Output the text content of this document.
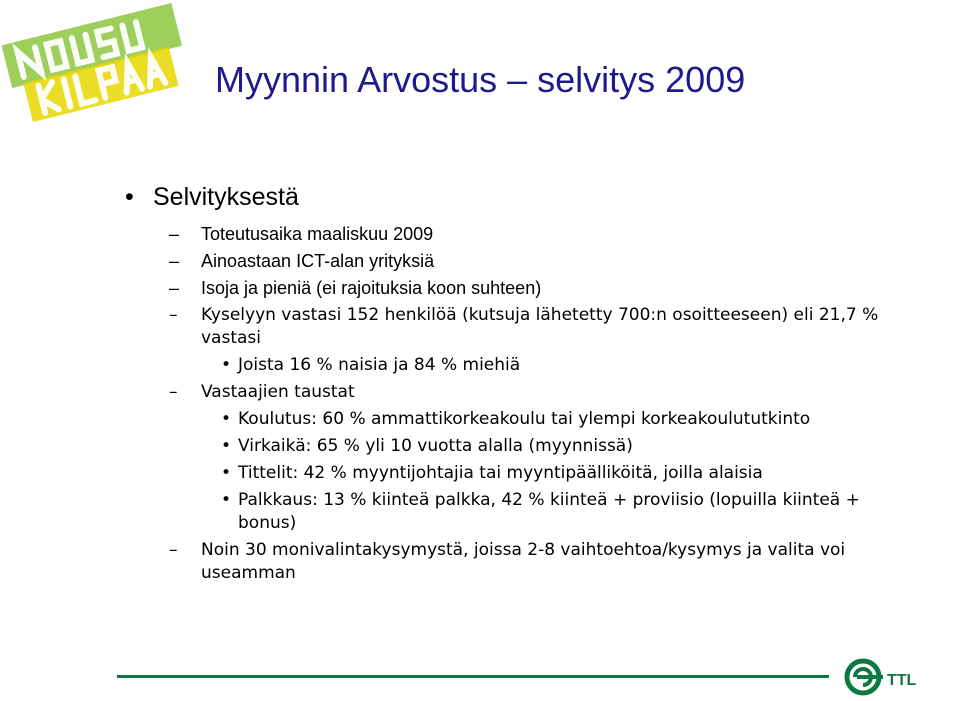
Myynnin Arvostus – selvitys 2009
• Selvityksestä
– Toteutusaika maaliskuu 2009
– Ainoastaan ICT-alan yrityksiä
– Isoja ja pieniä (ei rajoituksia koon suhteen)
– Kyselyyn vastasi 152 henkilöä (kutsuja lähetetty 700:n osoitteeseen) eli 21,7 % vastasi
• Joista 16 % naisia ja 84 % miehiä
– Vastaajien taustat
• Koulutus: 60 % ammattikorkeakoulu tai ylempi korkeakoulututkinto
• Virkaikä: 65 % yli 10 vuotta alalla (myynnissä)
• Tittelit: 42 % myyntijohtajia tai myyntipäälliköitä, joilla alaisia
• Palkkaus: 13 % kiinteä palkka, 42 % kiinteä + proviisio (lopuilla kiinteä + bonus)
– Noin 30 monivalintakysymystä, joissa 2-8 vaihtoehtoa/kysymys ja valita voi useamman
TTL
